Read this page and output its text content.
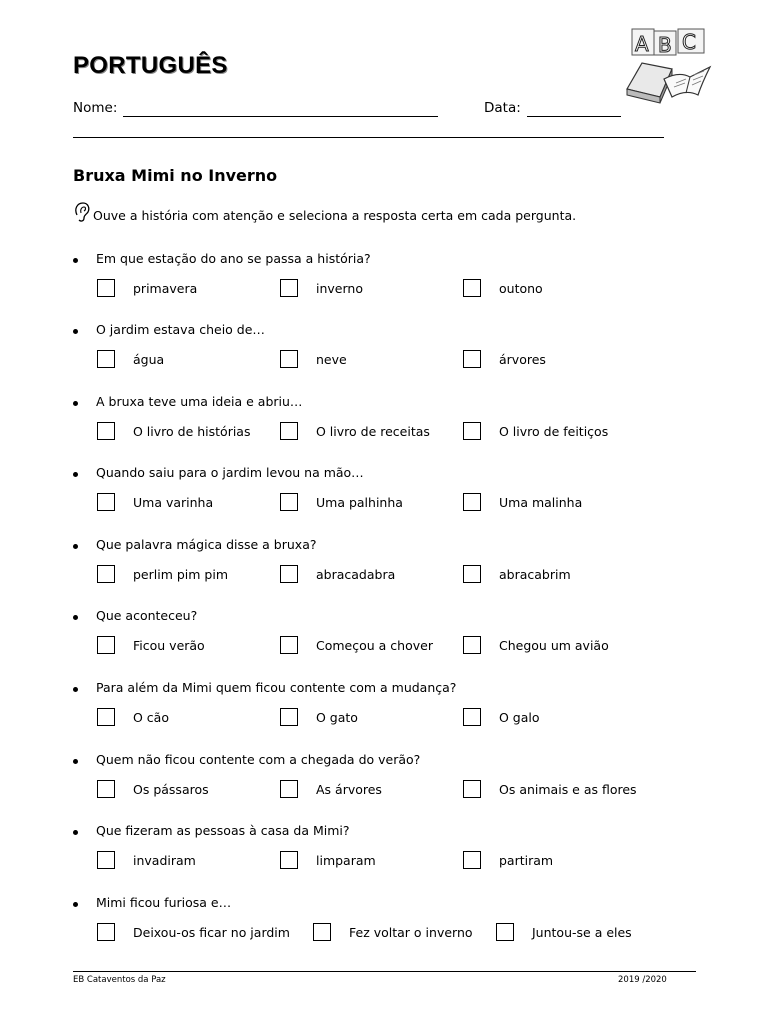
PORTUGUÊS
A B C
Nome:	Data:
Bruxa Mimi no Inverno
Ouve a história com atenção e seleciona a resposta certa em cada pergunta.
Em que estação do ano se passa a história?
primavera	inverno	outono
O jardim estava cheio de…
água	neve	árvores
A bruxa teve uma ideia e abriu…
O livro de histórias	O livro de receitas	O livro de feitiços
Quando saiu para o jardim levou na mão…
Uma varinha	Uma palhinha	Uma malinha
Que palavra mágica disse a bruxa?
perlim pim pim	abracadabra	abracabrim
Que aconteceu?
Ficou verão	Começou a chover	Chegou um avião
Para além da Mimi quem ficou contente com a mudança?
O cão	O gato	O galo
Quem não ficou contente com a chegada do verão?
Os pássaros	As árvores	Os animais e as flores
Que fizeram as pessoas à casa da Mimi?
invadiram	limparam	partiram
Mimi ficou furiosa e…
Deixou-os ficar no jardim	Fez voltar o inverno	Juntou-se a eles
EB Cataventos da Paz	2019 /2020
